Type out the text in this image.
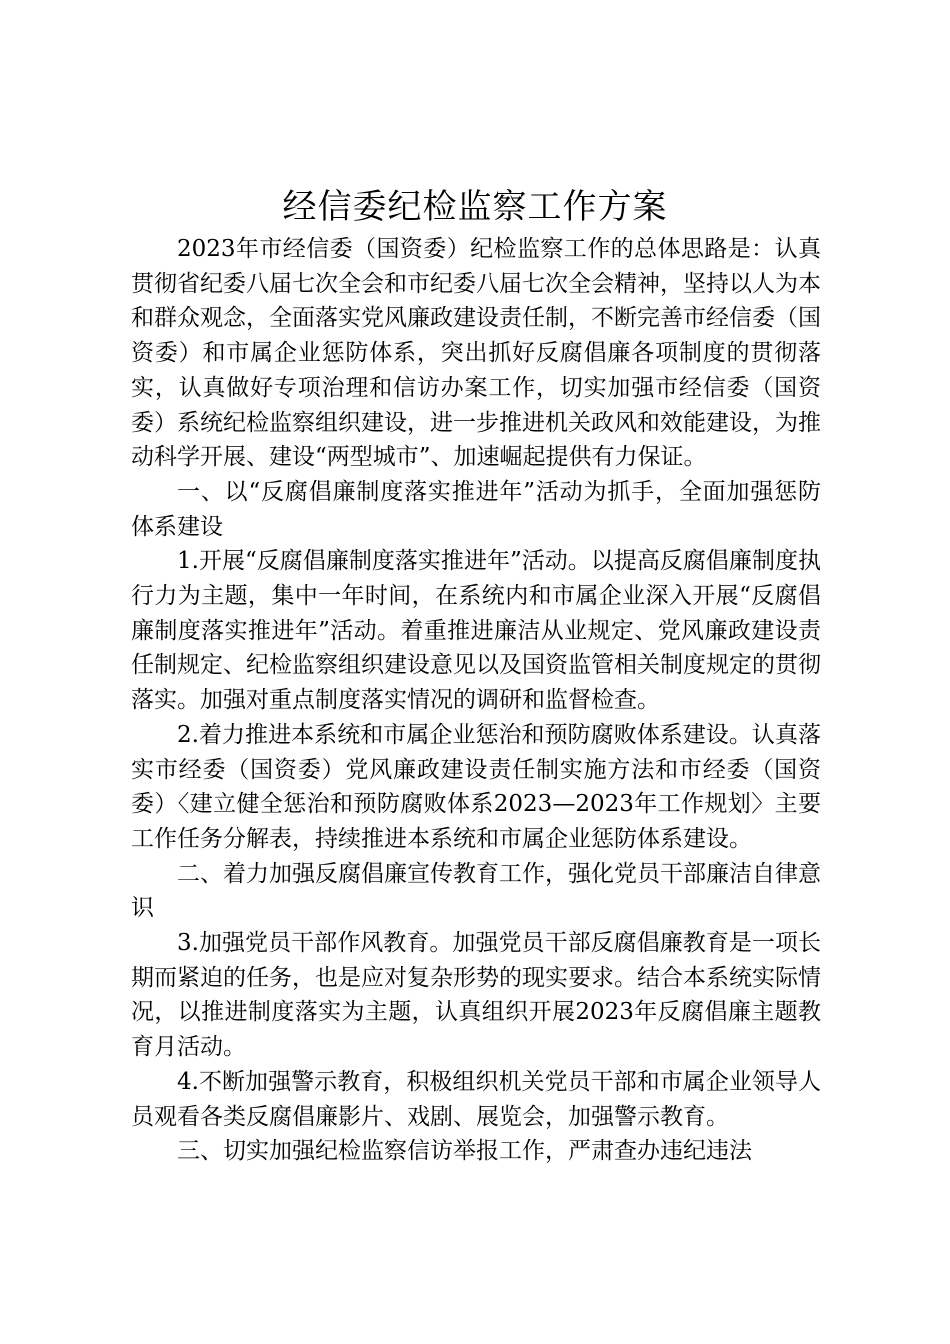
经信委纪检监察工作方案

2023年市经信委（国资委）纪检监察工作的总体思路是：认真贯彻省纪委八届七次全会和市纪委八届七次全会精神，坚持以人为本和群众观念，全面落实党风廉政建设责任制，不断完善市经信委（国资委）和市属企业惩防体系，突出抓好反腐倡廉各项制度的贯彻落实，认真做好专项治理和信访办案工作，切实加强市经信委（国资委）系统纪检监察组织建设，进一步推进机关政风和效能建设，为推动科学开展、建设“两型城市”、加速崛起提供有力保证。

一、以“反腐倡廉制度落实推进年”活动为抓手，全面加强惩防体系建设

1.开展“反腐倡廉制度落实推进年”活动。以提高反腐倡廉制度执行力为主题，集中一年时间，在系统内和市属企业深入开展“反腐倡廉制度落实推进年”活动。着重推进廉洁从业规定、党风廉政建设责任制规定、纪检监察组织建设意见以及国资监管相关制度规定的贯彻落实。加强对重点制度落实情况的调研和监督检查。

2.着力推进本系统和市属企业惩治和预防腐败体系建设。认真落实市经委（国资委）党风廉政建设责任制实施方法和市经委（国资委）〈建立健全惩治和预防腐败体系2023—2023年工作规划〉主要工作任务分解表，持续推进本系统和市属企业惩防体系建设。

二、着力加强反腐倡廉宣传教育工作，强化党员干部廉洁自律意识

3.加强党员干部作风教育。加强党员干部反腐倡廉教育是一项长期而紧迫的任务，也是应对复杂形势的现实要求。结合本系统实际情况，以推进制度落实为主题，认真组织开展2023年反腐倡廉主题教育月活动。

4.不断加强警示教育，积极组织机关党员干部和市属企业领导人员观看各类反腐倡廉影片、戏剧、展览会，加强警示教育。

三、切实加强纪检监察信访举报工作，严肃查办违纪违法
